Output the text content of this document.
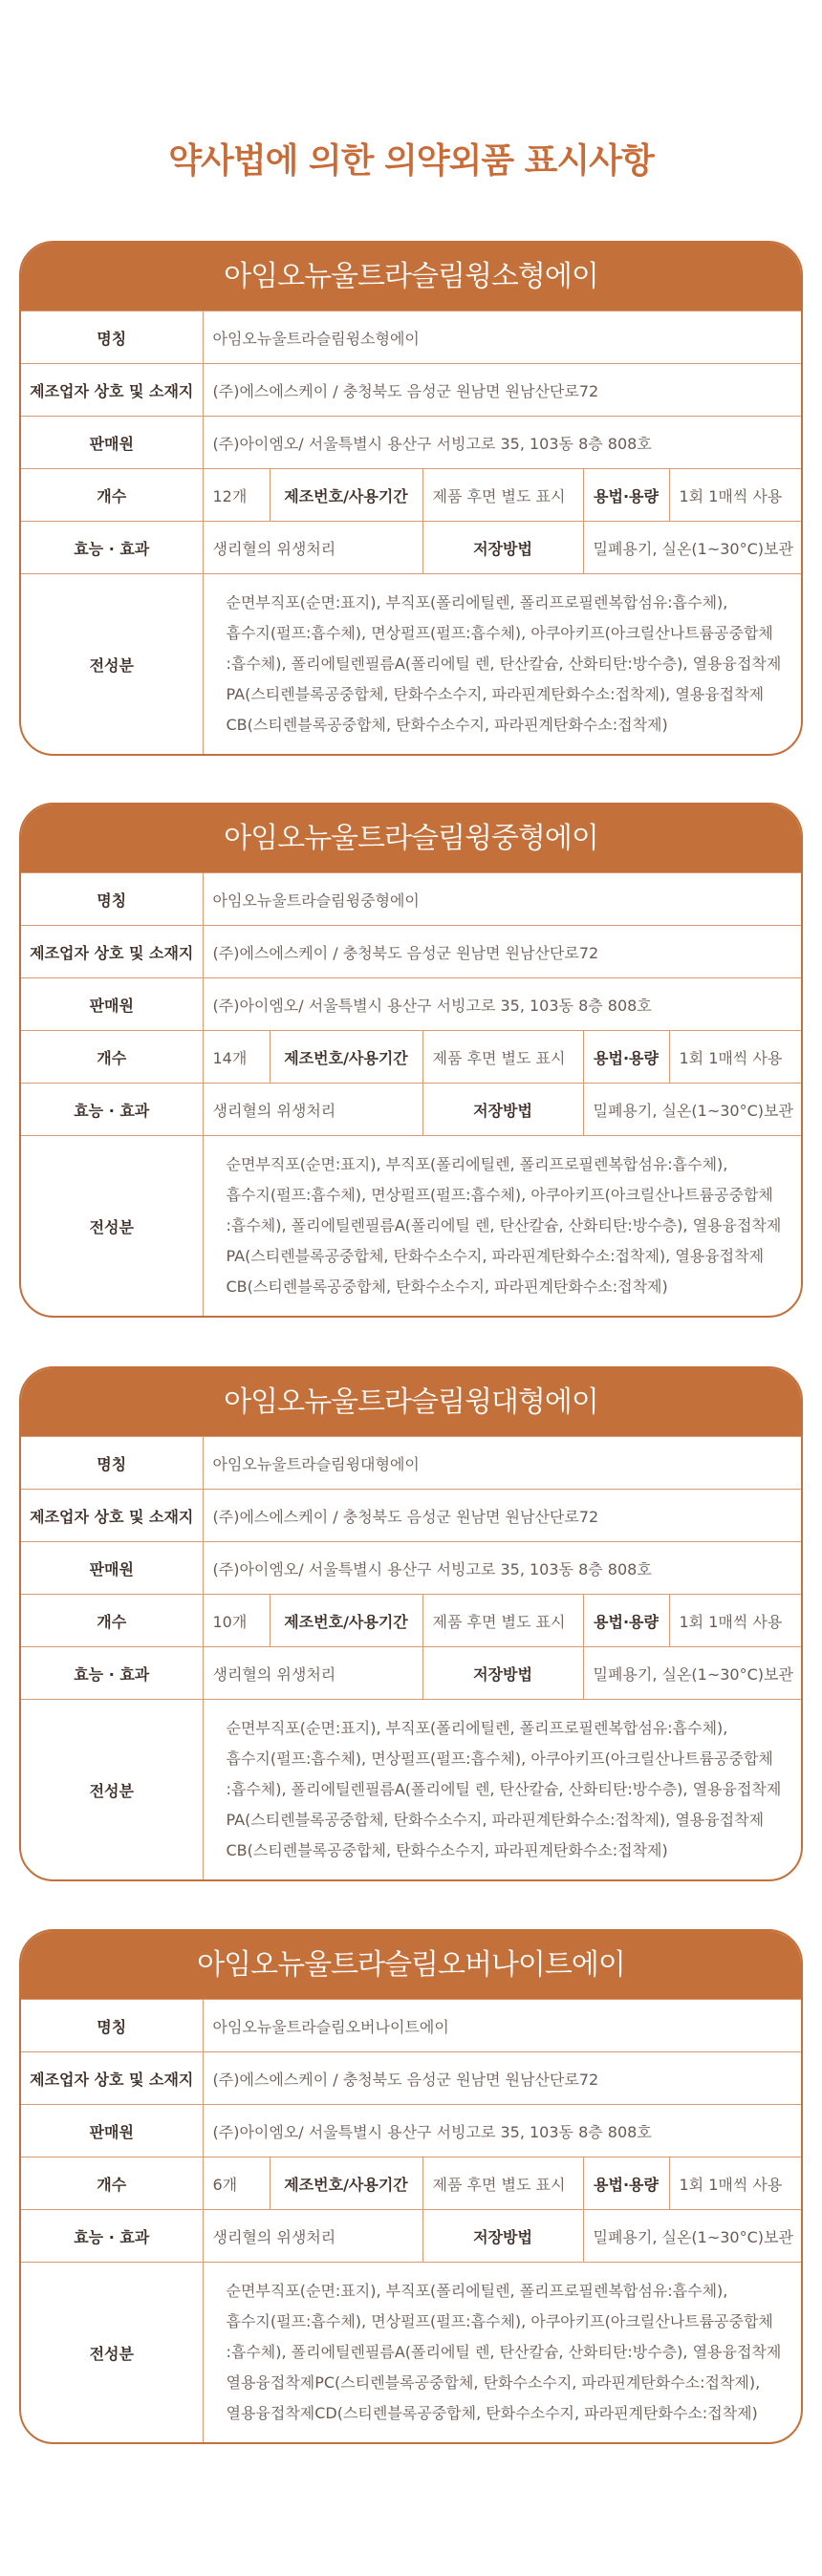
약사법에 의한 의약외품 표시사항
아임오뉴울트라슬림윙소형에이
명칭	아임오뉴울트라슬림윙소형에이				
제조업자 상호 및 소재지	(주)에스에스케이 / 충청북도 음성군 원남면 원남산단로72				
판매원	(주)아이엠오/ 서울특별시 용산구 서빙고로 35, 103동 8층 808호				
개수	12개	제조번호/사용기간	제품 후면 별도 표시	용법·용량	1회 1매씩 사용
효능 · 효과	생리혈의 위생처리		저장방법	밀폐용기, 실온(1~30°C)보관	
전성분	순면부직포(순면:표지), 부직포(폴리에틸렌, 폴리프로필렌복합섬유:흡수체),
흡수지(펄프:흡수체), 면상펄프(펄프:흡수체), 아쿠아키프(아크릴산나트륨공중합체
:흡수체), 폴리에틸렌필름A(폴리에틸 렌, 탄산칼슘, 산화티탄:방수층), 열용융접착제
PA(스티렌블록공중합체, 탄화수소수지, 파라핀계탄화수소:접착제), 열용융접착제
CB(스티렌블록공중합체, 탄화수소수지, 파라핀계탄화수소:접착제)				
아임오뉴울트라슬림윙중형에이
명칭	아임오뉴울트라슬림윙중형에이				
제조업자 상호 및 소재지	(주)에스에스케이 / 충청북도 음성군 원남면 원남산단로72				
판매원	(주)아이엠오/ 서울특별시 용산구 서빙고로 35, 103동 8층 808호				
개수	14개	제조번호/사용기간	제품 후면 별도 표시	용법·용량	1회 1매씩 사용
효능 · 효과	생리혈의 위생처리		저장방법	밀폐용기, 실온(1~30°C)보관	
전성분	순면부직포(순면:표지), 부직포(폴리에틸렌, 폴리프로필렌복합섬유:흡수체),
흡수지(펄프:흡수체), 면상펄프(펄프:흡수체), 아쿠아키프(아크릴산나트륨공중합체
:흡수체), 폴리에틸렌필름A(폴리에틸 렌, 탄산칼슘, 산화티탄:방수층), 열용융접착제
PA(스티렌블록공중합체, 탄화수소수지, 파라핀계탄화수소:접착제), 열용융접착제
CB(스티렌블록공중합체, 탄화수소수지, 파라핀계탄화수소:접착제)				
아임오뉴울트라슬림윙대형에이
명칭	아임오뉴울트라슬림윙대형에이				
제조업자 상호 및 소재지	(주)에스에스케이 / 충청북도 음성군 원남면 원남산단로72				
판매원	(주)아이엠오/ 서울특별시 용산구 서빙고로 35, 103동 8층 808호				
개수	10개	제조번호/사용기간	제품 후면 별도 표시	용법·용량	1회 1매씩 사용
효능 · 효과	생리혈의 위생처리		저장방법	밀폐용기, 실온(1~30°C)보관	
전성분	순면부직포(순면:표지), 부직포(폴리에틸렌, 폴리프로필렌복합섬유:흡수체),
흡수지(펄프:흡수체), 면상펄프(펄프:흡수체), 아쿠아키프(아크릴산나트륨공중합체
:흡수체), 폴리에틸렌필름A(폴리에틸 렌, 탄산칼슘, 산화티탄:방수층), 열용융접착제
PA(스티렌블록공중합체, 탄화수소수지, 파라핀계탄화수소:접착제), 열용융접착제
CB(스티렌블록공중합체, 탄화수소수지, 파라핀계탄화수소:접착제)				
아임오뉴울트라슬림오버나이트에이
명칭	아임오뉴울트라슬림오버나이트에이				
제조업자 상호 및 소재지	(주)에스에스케이 / 충청북도 음성군 원남면 원남산단로72				
판매원	(주)아이엠오/ 서울특별시 용산구 서빙고로 35, 103동 8층 808호				
개수	6개	제조번호/사용기간	제품 후면 별도 표시	용법·용량	1회 1매씩 사용
효능 · 효과	생리혈의 위생처리		저장방법	밀폐용기, 실온(1~30°C)보관	
전성분	순면부직포(순면:표지), 부직포(폴리에틸렌, 폴리프로필렌복합섬유:흡수체),
흡수지(펄프:흡수체), 면상펄프(펄프:흡수체), 아쿠아키프(아크릴산나트륨공중합체
:흡수체), 폴리에틸렌필름A(폴리에틸 렌, 탄산칼슘, 산화티탄:방수층), 열용융접착제
열용융접착제PC(스티렌블록공중합체, 탄화수소수지, 파라핀계탄화수소:접착제),
열용융접착제CD(스티렌블록공중합체, 탄화수소수지, 파라핀계탄화수소:접착제)				
